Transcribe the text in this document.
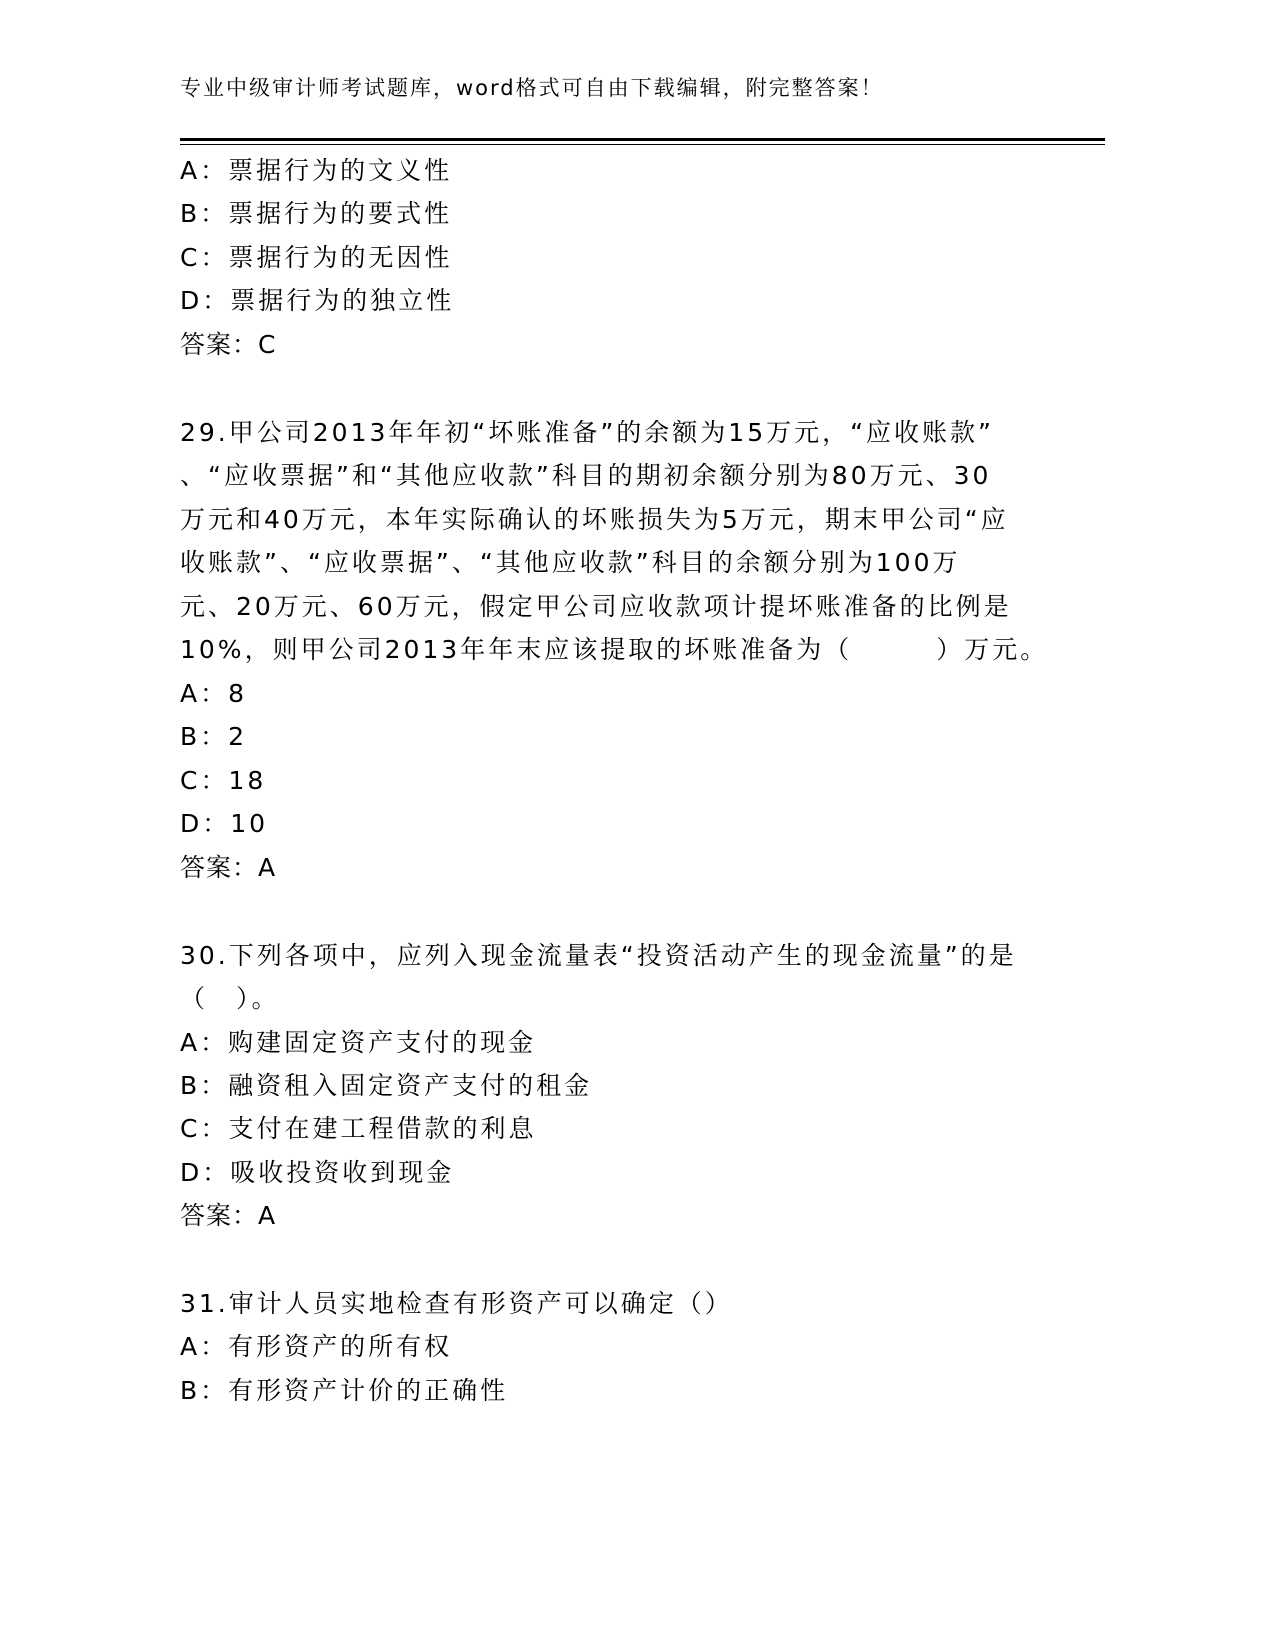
专业中级审计师考试题库，word格式可自由下载编辑，附完整答案！
A：票据行为的文义性
B：票据行为的要式性
C：票据行为的无因性
D：票据行为的独立性
答案：C
29.甲公司2013年年初“坏账准备”的余额为15万元，“应收账款”
、“应收票据”和“其他应收款”科目的期初余额分别为80万元、30
万元和40万元，本年实际确认的坏账损失为5万元，期末甲公司“应
收账款”、“应收票据”、“其他应收款”科目的余额分别为100万
元、20万元、60万元，假定甲公司应收款项计提坏账准备的比例是
10%，则甲公司2013年年末应该提取的坏账准备为（　　　）万元。
A：8
B：2
C：18
D：10
答案：A
30.下列各项中，应列入现金流量表“投资活动产生的现金流量”的是
（　）。
A：购建固定资产支付的现金
B：融资租入固定资产支付的租金
C：支付在建工程借款的利息
D：吸收投资收到现金
答案：A
31.审计人员实地检查有形资产可以确定（）
A：有形资产的所有权
B：有形资产计价的正确性
